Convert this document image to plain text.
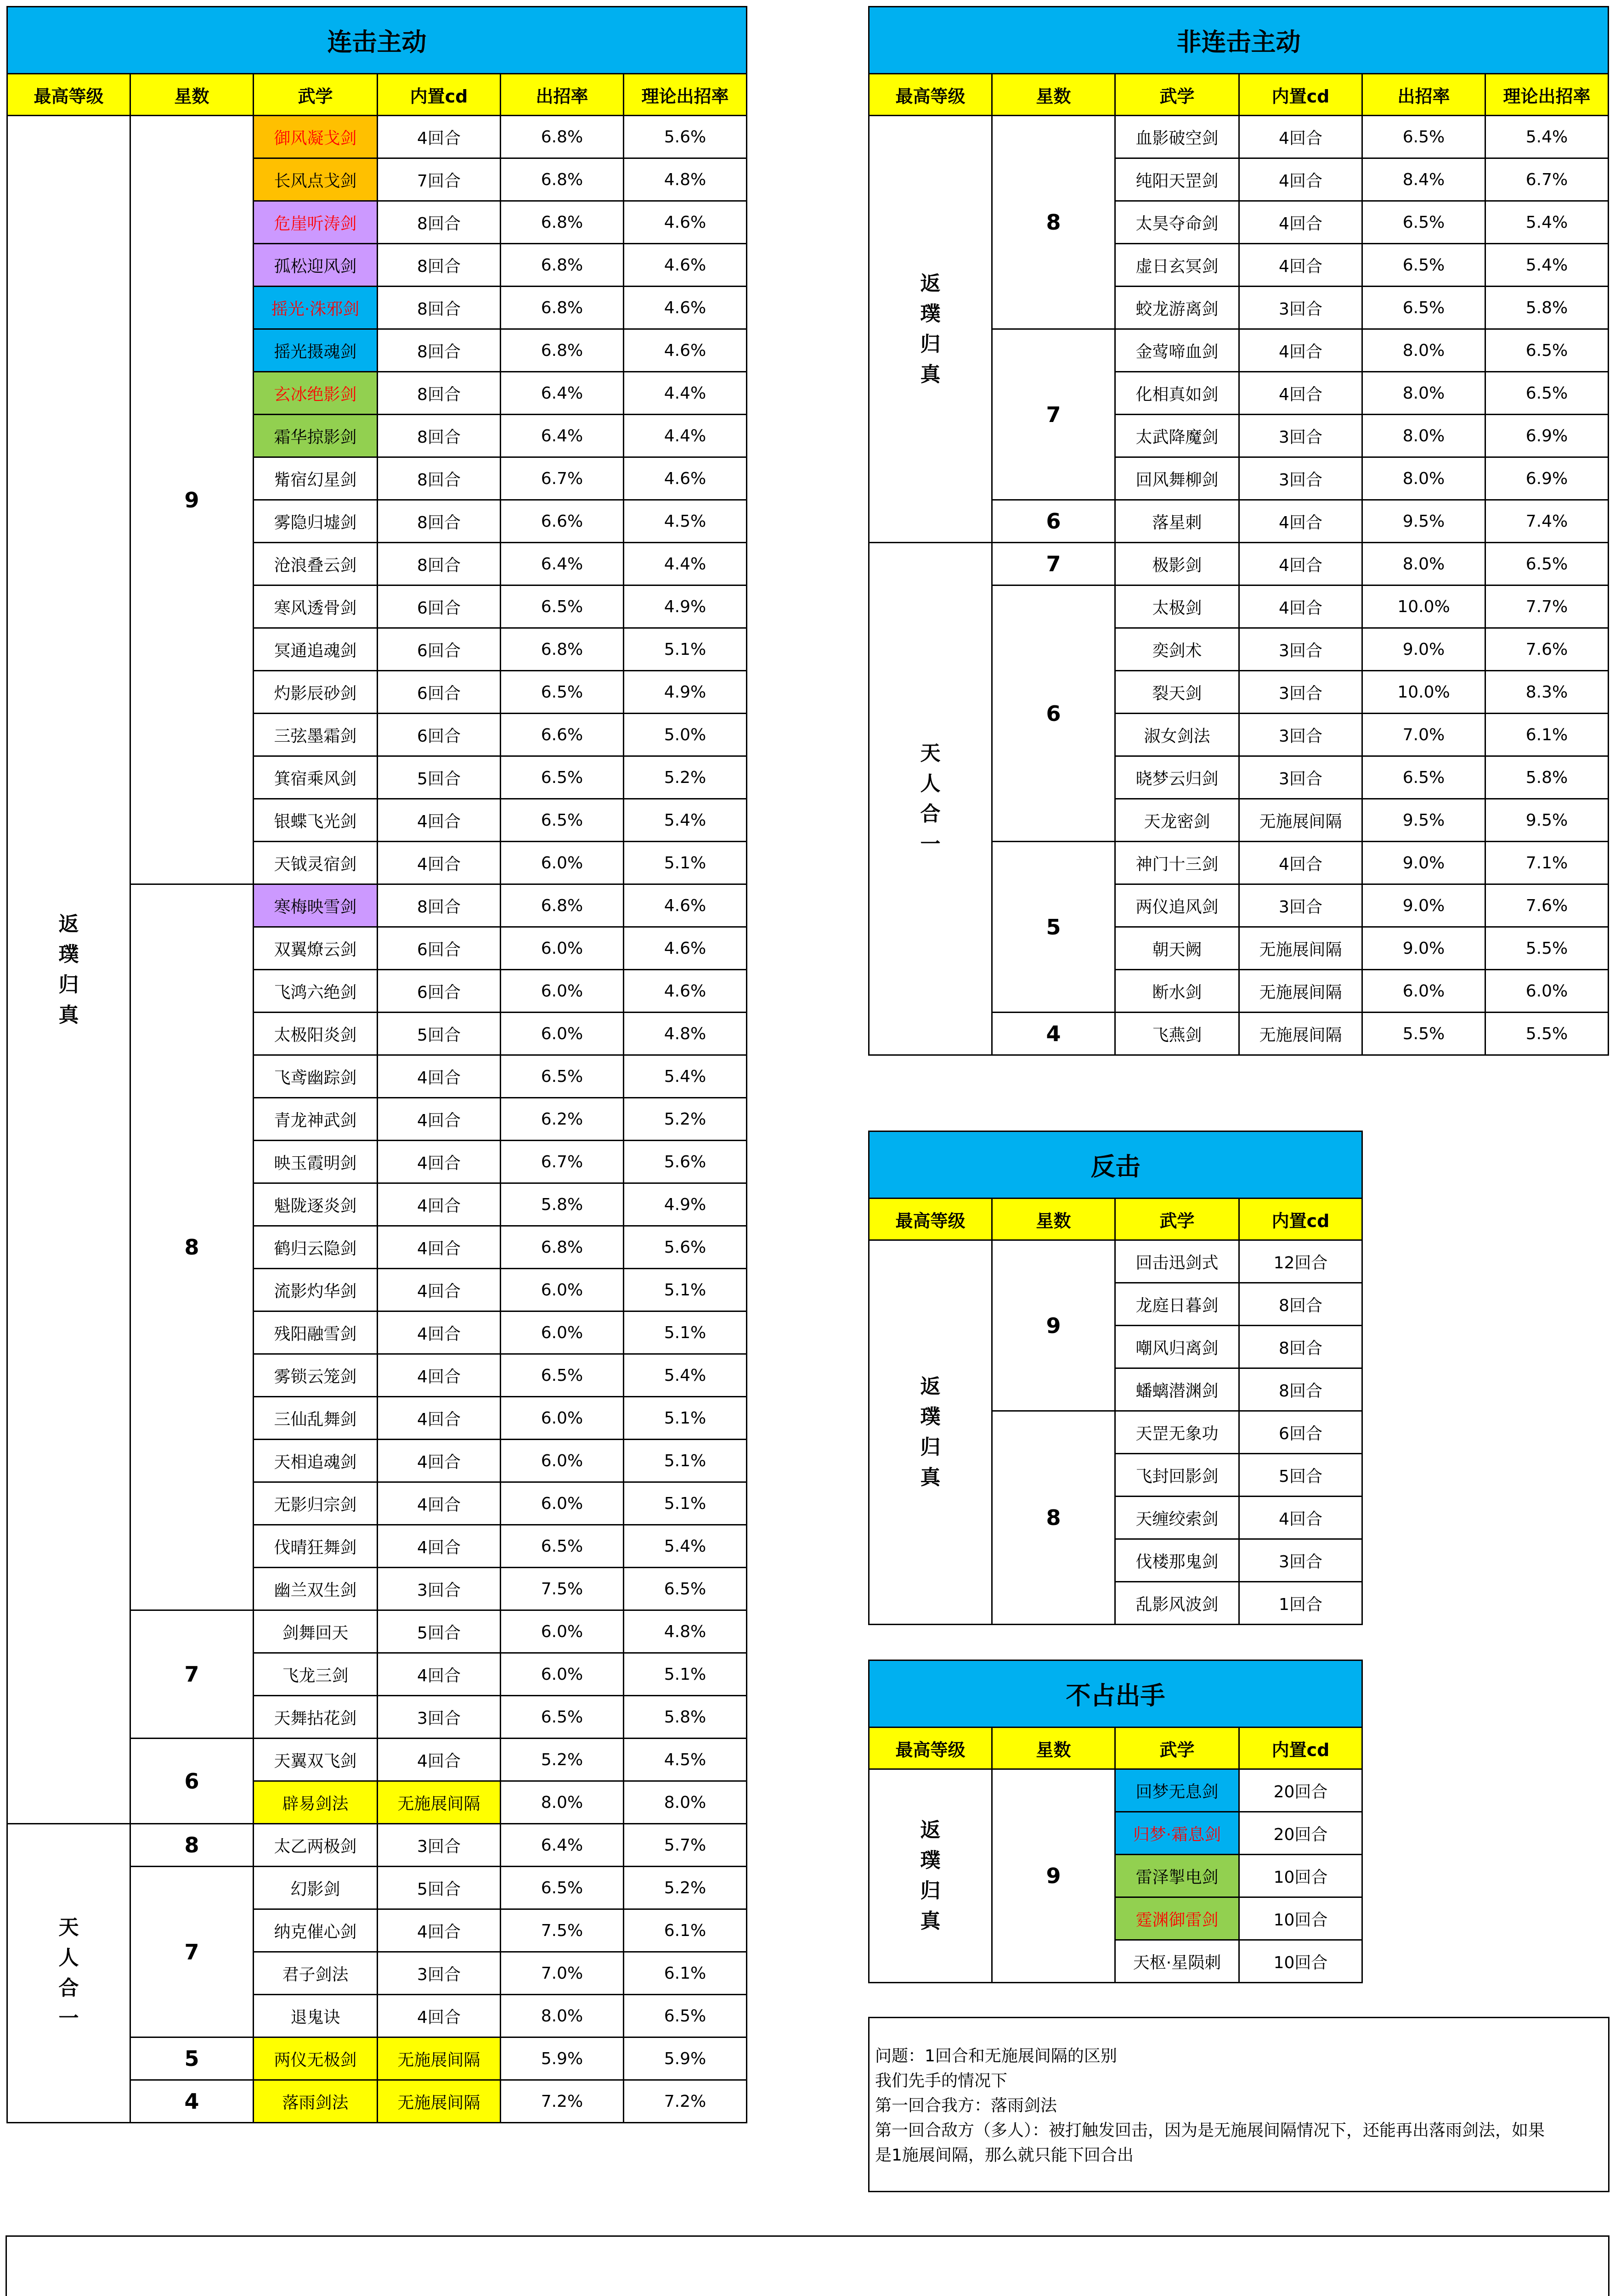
连击主动					
最高等级	星数	武学	内置cd	出招率	理论出招率

返璞归真	9	御风凝戈剑	4回合	6.8%	5.6%
		长风点戈剑	7回合	6.8%	4.8%
		危崖听涛剑	8回合	6.8%	4.6%
		孤松迎风剑	8回合	6.8%	4.6%
		摇光·洙邪剑	8回合	6.8%	4.6%
		摇光摄魂剑	8回合	6.8%	4.6%
		玄冰绝影剑	8回合	6.4%	4.4%
		霜华掠影剑	8回合	6.4%	4.4%
		觜宿幻星剑	8回合	6.7%	4.6%
		雾隐归墟剑	8回合	6.6%	4.5%
		沧浪叠云剑	8回合	6.4%	4.4%
		寒风透骨剑	6回合	6.5%	4.9%
		冥通追魂剑	6回合	6.8%	5.1%
		灼影辰砂剑	6回合	6.5%	4.9%
		三弦墨霜剑	6回合	6.6%	5.0%
		箕宿乘风剑	5回合	6.5%	5.2%
		银蝶飞光剑	4回合	6.5%	5.4%
		天钺灵宿剑	4回合	6.0%	5.1%
	8	寒梅映雪剑	8回合	6.8%	4.6%
		双翼燎云剑	6回合	6.0%	4.6%
		飞鸿六绝剑	6回合	6.0%	4.6%
		太极阳炎剑	5回合	6.0%	4.8%
		飞鸢幽踪剑	4回合	6.5%	5.4%
		青龙神武剑	4回合	6.2%	5.2%
		映玉霞明剑	4回合	6.7%	5.6%
		魁陇逐炎剑	4回合	5.8%	4.9%
		鹤归云隐剑	4回合	6.8%	5.6%
		流影灼华剑	4回合	6.0%	5.1%
		残阳融雪剑	4回合	6.0%	5.1%
		雾锁云笼剑	4回合	6.5%	5.4%
		三仙乱舞剑	4回合	6.0%	5.1%
		天相追魂剑	4回合	6.0%	5.1%
		无影归宗剑	4回合	6.0%	5.1%
		伐晴狂舞剑	4回合	6.5%	5.4%
		幽兰双生剑	3回合	7.5%	6.5%
	7	剑舞回天	5回合	6.0%	4.8%
		飞龙三剑	4回合	6.0%	5.1%
		天舞拈花剑	3回合	6.5%	5.8%
	6	天翼双飞剑	4回合	5.2%	4.5%
		辟易剑法	无施展间隔	8.0%	8.0%

天人合一	8	太乙两极剑	3回合	6.4%	5.7%
	7	幻影剑	5回合	6.5%	5.2%
		纳克催心剑	4回合	7.5%	6.1%
		君子剑法	3回合	7.0%	6.1%
		退鬼诀	4回合	8.0%	6.5%
	5	两仪无极剑	无施展间隔	5.9%	5.9%
	4	落雨剑法	无施展间隔	7.2%	7.2%
非连击主动					
最高等级	星数	武学	内置cd	出招率	理论出招率

返璞归真	8	血影破空剑	4回合	6.5%	5.4%
		纯阳天罡剑	4回合	8.4%	6.7%
		太昊夺命剑	4回合	6.5%	5.4%
		虚日玄冥剑	4回合	6.5%	5.4%
		蛟龙游离剑	3回合	6.5%	5.8%
	7	金莺啼血剑	4回合	8.0%	6.5%
		化相真如剑	4回合	8.0%	6.5%
		太武降魔剑	3回合	8.0%	6.9%
		回风舞柳剑	3回合	8.0%	6.9%
	6	落星刺	4回合	9.5%	7.4%

天人合一	7	极影剑	4回合	8.0%	6.5%
	6	太极剑	4回合	10.0%	7.7%
		奕剑术	3回合	9.0%	7.6%
		裂天剑	3回合	10.0%	8.3%
		淑女剑法	3回合	7.0%	6.1%
		晓梦云归剑	3回合	6.5%	5.8%
		天龙密剑	无施展间隔	9.5%	9.5%
	5	神门十三剑	4回合	9.0%	7.1%
		两仪追风剑	3回合	9.0%	7.6%
		朝天阙	无施展间隔	9.0%	5.5%
		断水剑	无施展间隔	6.0%	6.0%
	4	飞燕剑	无施展间隔	5.5%	5.5%
反击			
最高等级	星数	武学	内置cd

返璞归真	9	回击迅剑式	12回合
		龙庭日暮剑	8回合
		嘲风归离剑	8回合
		蟠螭潜渊剑	8回合
	8	天罡无象功	6回合
		飞封回影剑	5回合
		天缠绞索剑	4回合
		伐楼那鬼剑	3回合
		乱影风波剑	1回合
不占出手			
最高等级	星数	武学	内置cd

返璞归真	9	回梦无息剑	20回合
		归梦·霜息剑	20回合
		雷泽掣电剑	10回合
		霆渊御雷剑	10回合
		天枢·星陨刺	10回合
问题：1回合和无施展间隔的区别
我们先手的情况下
第一回合我方：落雨剑法
第一回合敌方（多人）：被打触发回击，因为是无施展间隔情况下，还能再出落雨剑法，如果
是1施展间隔，那么就只能下回合出
